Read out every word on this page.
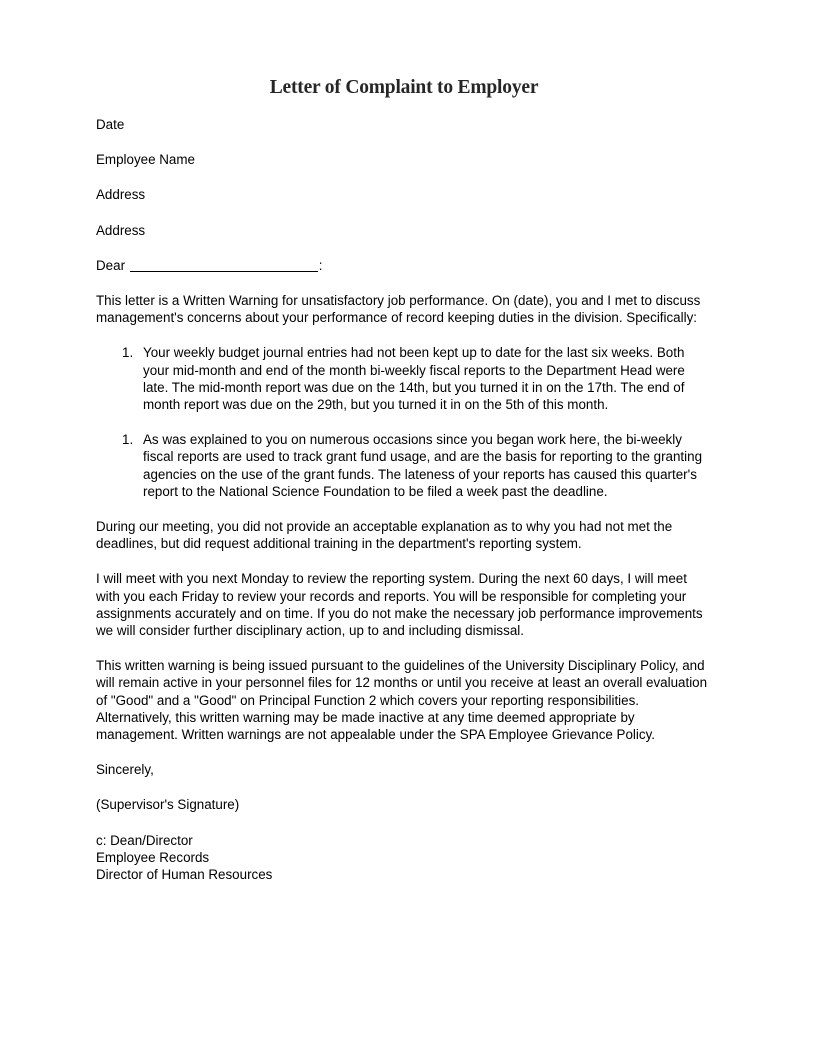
Letter of Complaint to Employer
Date
Employee Name
Address
Address
Dear	:

This letter is a Written Warning for unsatisfactory job performance. On (date), you and I met to discuss management's concerns about your performance of record keeping duties in the division. Specifically:

1. Your weekly budget journal entries had not been kept up to date for the last six weeks. Both your mid-month and end of the month bi-weekly fiscal reports to the Department Head were late. The mid-month report was due on the 14th, but you turned it in on the 17th. The end of month report was due on the 29th, but you turned it in on the 5th of this month.
1. As was explained to you on numerous occasions since you began work here, the bi-weekly fiscal reports are used to track grant fund usage, and are the basis for reporting to the granting agencies on the use of the grant funds. The lateness of your reports has caused this quarter's report to the National Science Foundation to be filed a week past the deadline.

During our meeting, you did not provide an acceptable explanation as to why you had not met the deadlines, but did request additional training in the department's reporting system.

I will meet with you next Monday to review the reporting system. During the next 60 days, I will meet with you each Friday to review your records and reports. You will be responsible for completing your assignments accurately and on time. If you do not make the necessary job performance improvements we will consider further disciplinary action, up to and including dismissal.

This written warning is being issued pursuant to the guidelines of the University Disciplinary Policy, and will remain active in your personnel files for 12 months or until you receive at least an overall evaluation of "Good" and a "Good" on Principal Function 2 which covers your reporting responsibilities. Alternatively, this written warning may be made inactive at any time deemed appropriate by management. Written warnings are not appealable under the SPA Employee Grievance Policy.

Sincerely,
(Supervisor's Signature)
c: Dean/Director
Employee Records
Director of Human Resources
